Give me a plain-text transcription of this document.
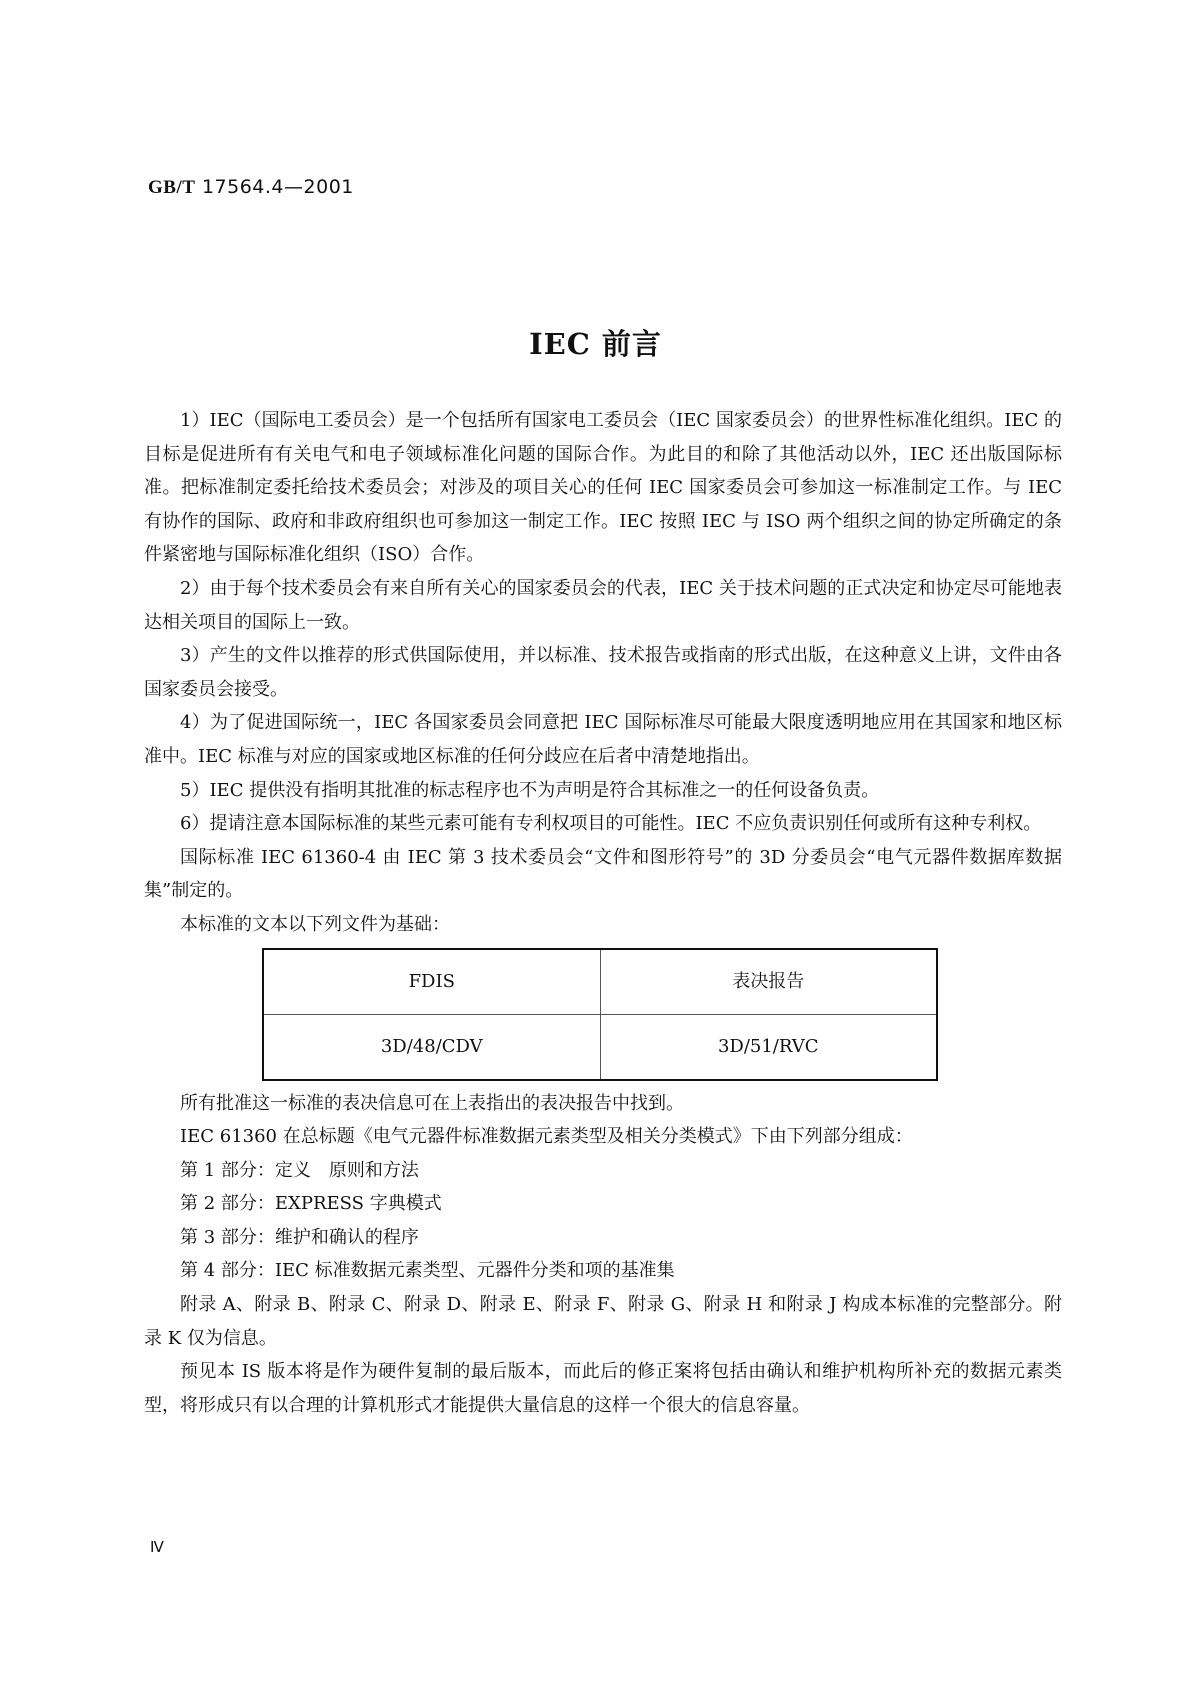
GB/T 17564.4—2001
IEC 前言

1）IEC（国际电工委员会）是一个包括所有国家电工委员会（IEC 国家委员会）的世界性标准化组织。IEC 的目标是促进所有有关电气和电子领域标准化问题的国际合作。为此目的和除了其他活动以外，IEC 还出版国际标准。把标准制定委托给技术委员会；对涉及的项目关心的任何 IEC 国家委员会可参加这一标准制定工作。与 IEC 有协作的国际、政府和非政府组织也可参加这一制定工作。IEC 按照 IEC 与 ISO 两个组织之间的协定所确定的条件紧密地与国际标准化组织（ISO）合作。

2）由于每个技术委员会有来自所有关心的国家委员会的代表，IEC 关于技术问题的正式决定和协定尽可能地表达相关项目的国际上一致。

3）产生的文件以推荐的形式供国际使用，并以标准、技术报告或指南的形式出版，在这种意义上讲，文件由各国家委员会接受。

4）为了促进国际统一，IEC 各国家委员会同意把 IEC 国际标准尽可能最大限度透明地应用在其国家和地区标准中。IEC 标准与对应的国家或地区标准的任何分歧应在后者中清楚地指出。

5）IEC 提供没有指明其批准的标志程序也不为声明是符合其标准之一的任何设备负责。

6）提请注意本国际标准的某些元素可能有专利权项目的可能性。IEC 不应负责识别任何或所有这种专利权。

国际标准 IEC 61360-4 由 IEC 第 3 技术委员会“文件和图形符号”的 3D 分委员会“电气元器件数据库数据集”制定的。

本标准的文本以下列文件为基础：

FDIS	表决报告
3D/48/CDV	3D/51/RVC

所有批准这一标准的表决信息可在上表指出的表决报告中找到。

IEC 61360 在总标题《电气元器件标准数据元素类型及相关分类模式》下由下列部分组成：

第 1 部分：定义　原则和方法

第 2 部分：EXPRESS 字典模式

第 3 部分：维护和确认的程序

第 4 部分：IEC 标准数据元素类型、元器件分类和项的基准集

附录 A、附录 B、附录 C、附录 D、附录 E、附录 F、附录 G、附录 H 和附录 J 构成本标准的完整部分。附录 K 仅为信息。

预见本 IS 版本将是作为硬件复制的最后版本，而此后的修正案将包括由确认和维护机构所补充的数据元素类型，将形成只有以合理的计算机形式才能提供大量信息的这样一个很大的信息容量。

Ⅳ
